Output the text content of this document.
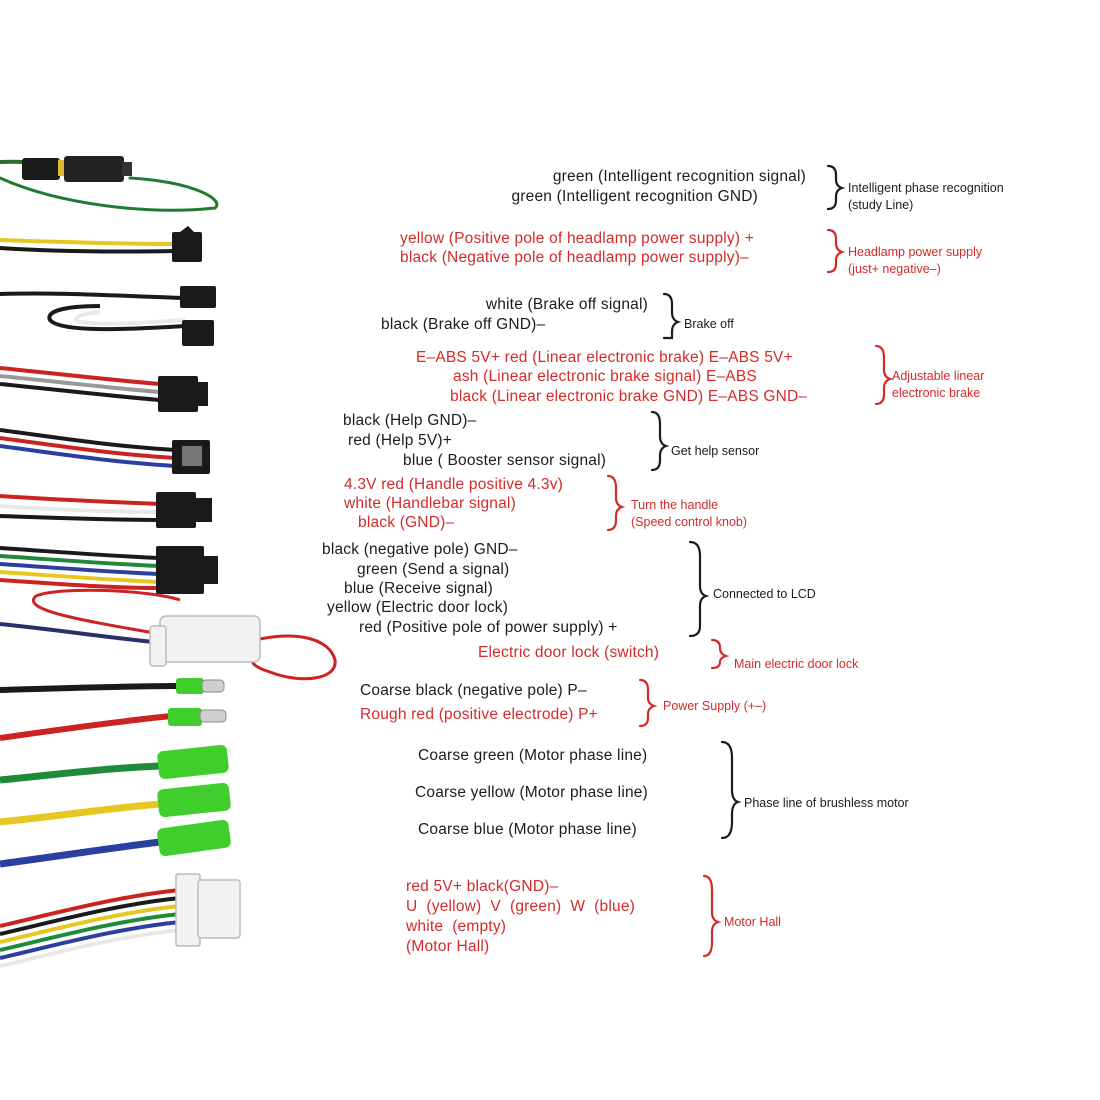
green (Intelligent recognition signal)
green (Intelligent recognition GND)	Intelligent phase recognition
(study Line)
yellow (Positive pole of headlamp power supply) +
black (Negative pole of headlamp power supply)–	Headlamp power supply
(just+ negative–)
white (Brake off signal)
black (Brake off GND)–	Brake off
E–ABS 5V+ red (Linear electronic brake) E–ABS 5V+
ash (Linear electronic brake signal) E–ABS
black (Linear electronic brake GND) E–ABS GND–
Adjustable linear
electronic brake
black (Help GND)–
red (Help 5V)+
blue ( Booster sensor signal)
Get help sensor
4.3V red (Handle positive 4.3v)
white (Handlebar signal)
black (GND)–
Turn the handle
(Speed control knob)
black (negative pole) GND–
green (Send a signal)
blue (Receive signal)
yellow (Electric door lock)
red (Positive pole of power supply) +
Connected to LCD
Electric door lock (switch)
Main electric door lock
Coarse black (negative pole) P–
Rough red (positive electrode) P+	Power Supply (+–)
Coarse green (Motor phase line)
Coarse yellow (Motor phase line)
Coarse blue (Motor phase line)
Phase line of brushless motor
red 5V+ black(GND)–
U  (yellow)  V  (green)  W  (blue)
white  (empty)
(Motor Hall)
Motor Hall
